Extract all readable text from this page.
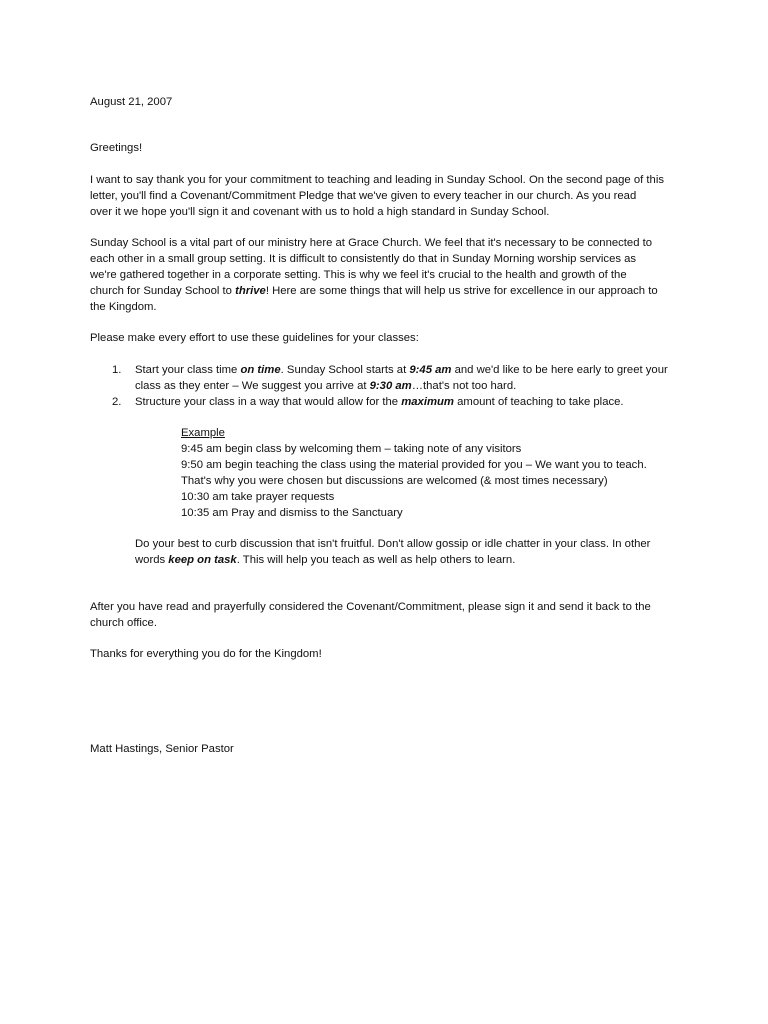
August 21, 2007
Greetings!
I want to say thank you for your commitment to teaching and leading in Sunday School. On the second page of this
letter, you'll find a Covenant/Commitment Pledge that we've given to every teacher in our church. As you read
over it we hope you'll sign it and covenant with us to hold a high standard in Sunday School.
Sunday School is a vital part of our ministry here at Grace Church. We feel that it's necessary to be connected to
each other in a small group setting. It is difficult to consistently do that in Sunday Morning worship services as
we're gathered together in a corporate setting. This is why we feel it's crucial to the health and growth of the
church for Sunday School to thrive! Here are some things that will help us strive for excellence in our approach to
the Kingdom.
Please make every effort to use these guidelines for your classes:
1. Start your class time on time. Sunday School starts at 9:45 am and we'd like to be here early to greet your
class as they enter – We suggest you arrive at 9:30 am…that's not too hard.
2. Structure your class in a way that would allow for the maximum amount of teaching to take place.
Example
9:45 am begin class by welcoming them – taking note of any visitors
9:50 am begin teaching the class using the material provided for you – We want you to teach.
That's why you were chosen but discussions are welcomed (& most times necessary)
10:30 am take prayer requests
10:35 am Pray and dismiss to the Sanctuary
Do your best to curb discussion that isn't fruitful. Don't allow gossip or idle chatter in your class. In other
words keep on task. This will help you teach as well as help others to learn.
After you have read and prayerfully considered the Covenant/Commitment, please sign it and send it back to the
church office.
Thanks for everything you do for the Kingdom!
Matt Hastings, Senior Pastor
